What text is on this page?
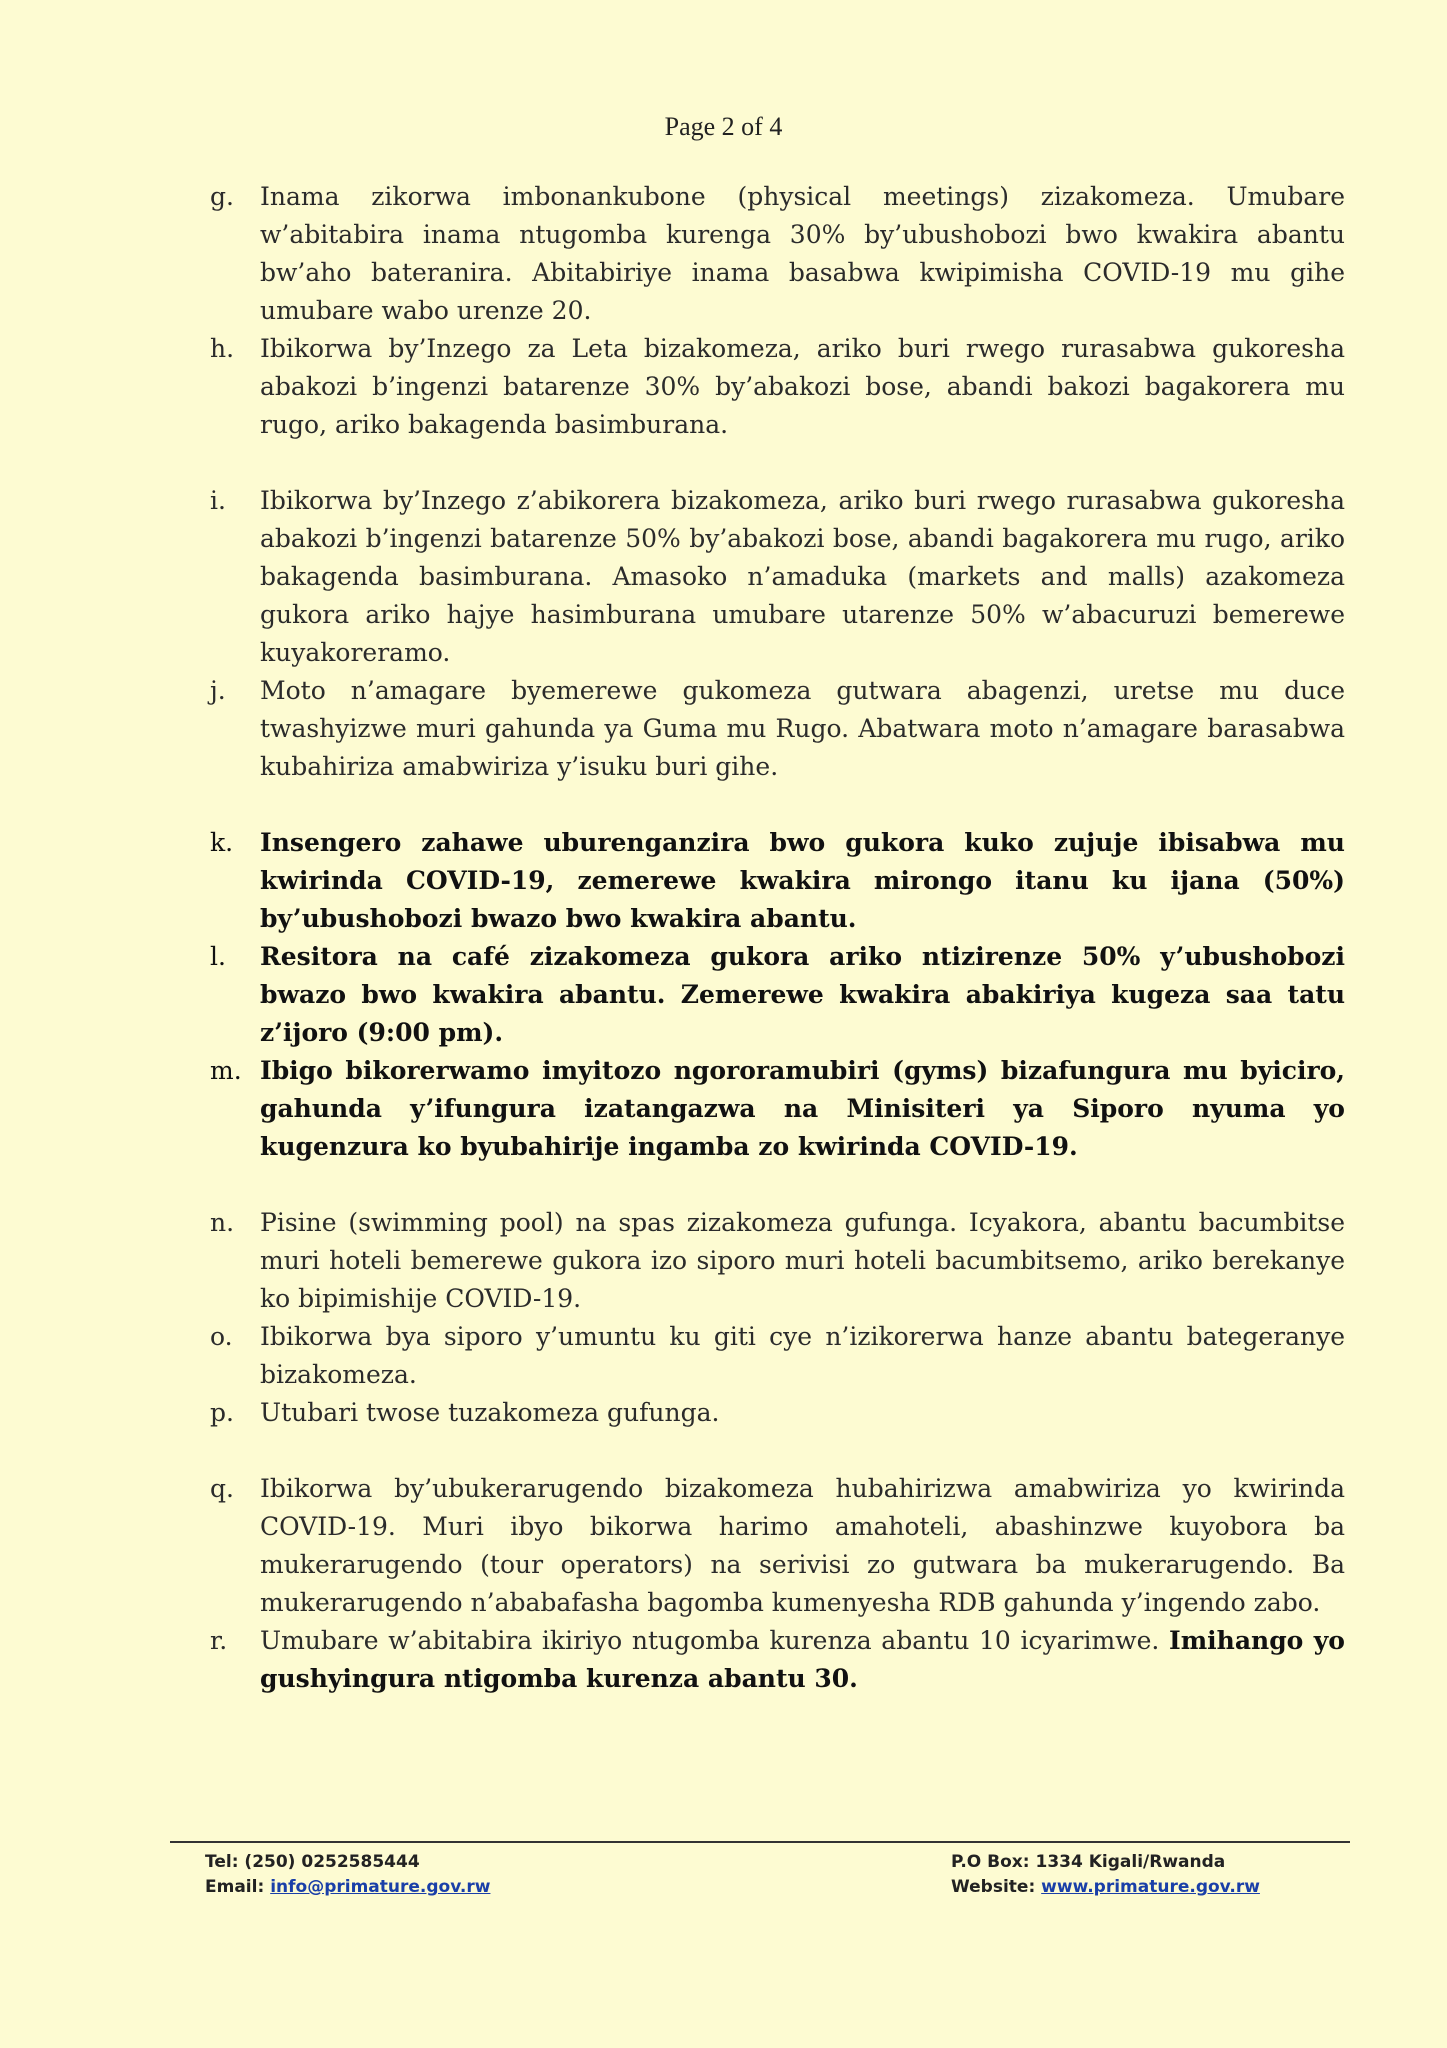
Page 2 of 4
g.	Inama zikorwa imbonankubone (physical meetings) zizakomeza. Umubare w’abitabira inama ntugomba kurenga 30% by’ubushobozi bwo kwakira abantu bw’aho bateranira. Abitabiriye inama basabwa kwipimisha COVID-19 mu gihe umubare wabo urenze 20.
h.	Ibikorwa by’Inzego za Leta bizakomeza, ariko buri rwego rurasabwa gukoresha abakozi b’ingenzi batarenze 30% by’abakozi bose, abandi bakozi bagakorera mu rugo, ariko bakagenda basimburana.
i.	Ibikorwa by’Inzego z’abikorera bizakomeza, ariko buri rwego rurasabwa gukoresha abakozi b’ingenzi batarenze 50% by’abakozi bose, abandi bagakorera mu rugo, ariko bakagenda basimburana. Amasoko n’amaduka (markets and malls) azakomeza gukora ariko hajye hasimburana umubare utarenze 50% w’abacuruzi bemerewe kuyakoreramo.
j.	Moto n’amagare byemerewe gukomeza gutwara abagenzi, uretse mu duce twashyizwe muri gahunda ya Guma mu Rugo. Abatwara moto n’amagare barasabwa kubahiriza amabwiriza y’isuku buri gihe.
k.	Insengero zahawe uburenganzira bwo gukora kuko zujuje ibisabwa mu kwirinda COVID-19, zemerewe kwakira mirongo itanu ku ijana (50%) by’ubushobozi bwazo bwo kwakira abantu.
l.	Resitora na café zizakomeza gukora ariko ntizirenze 50% y’ubushobozi bwazo bwo kwakira abantu. Zemerewe kwakira abakiriya kugeza saa tatu z’ijoro (9:00 pm).
m. Ibigo bikorerwamo imyitozo ngororamubiri (gyms) bizafungura mu byiciro, gahunda y’ifungura izatangazwa na Minisiteri ya Siporo nyuma yo kugenzura ko byubahirije ingamba zo kwirinda COVID-19.
n.	Pisine (swimming pool) na spas zizakomeza gufunga. Icyakora, abantu bacumbitse muri hoteli bemerewe gukora izo siporo muri hoteli bacumbitsemo, ariko berekanye ko bipimishije COVID-19.
o.	Ibikorwa bya siporo y’umuntu ku giti cye n’izikorerwa hanze abantu bategeranye bizakomeza.
p.	Utubari twose tuzakomeza gufunga.
q.	Ibikorwa by’ubukerarugendo bizakomeza hubahirizwa amabwiriza yo kwirinda COVID-19. Muri ibyo bikorwa harimo amahoteli, abashinzwe kuyobora ba mukerarugendo (tour operators) na serivisi zo gutwara ba mukerarugendo. Ba mukerarugendo n’ababafasha bagomba kumenyesha RDB gahunda y’ingendo zabo.
r.	Umubare w’abitabira ikiriyo ntugomba kurenza abantu 10 icyarimwe. Imihango yo gushyingura ntigomba kurenza abantu 30.
Tel: (250) 0252585444
Email: info@primature.gov.rw
P.O Box: 1334 Kigali/Rwanda
Website: www.primature.gov.rw
